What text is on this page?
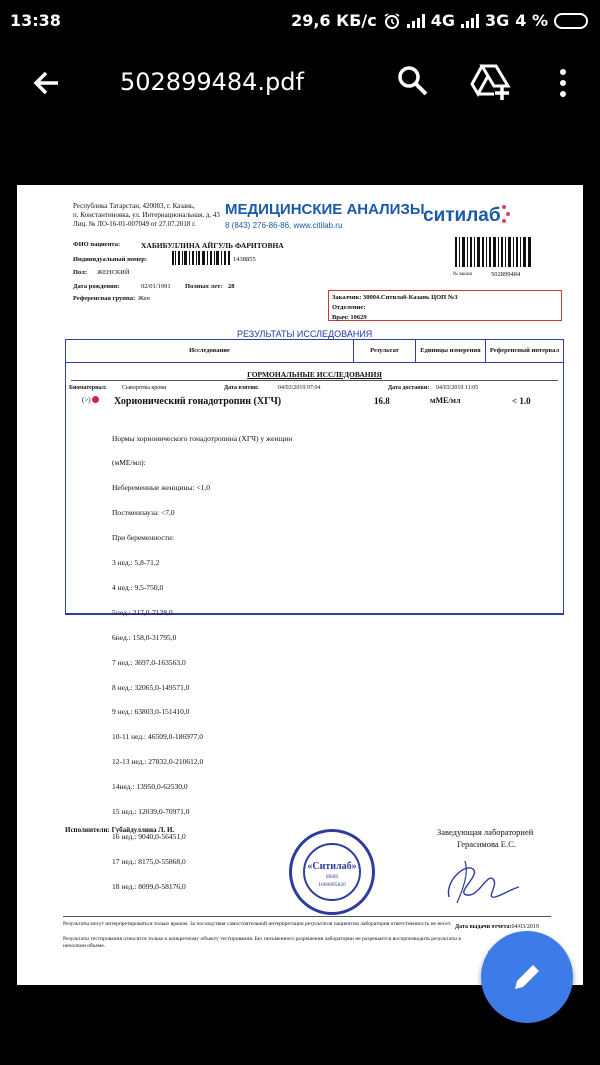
13:38	29,6 КБ/с	4G 3G 4 %
502899484.pdf
Республика Татарстан, 420083, г. Казань,
п. Константиновка, ул. Интернациональная, д. 43
Лиц. № ЛО-16-01-007049 от 27.07.2018 г.
МЕДИЦИНСКИЕ АНАЛИЗЫ
8 (843) 276-86-86, www.citilab.ru	ситилаб
ФИО пациента:	ХАБИБУЛЛИНА АЙГУЛЬ ФАРИТОВНА
Индивидуальный номер:	1438855
Пол: ЖЕНСКИЙ
Дата рождения:	02/01/1991 Полных лет: 28
Референсная группа: Жен
№ заказа	502899484
Заказчик: 30004.Ситилаб-Казань ЦОП №3
Отделение:
Врач: 10629
РЕЗУЛЬТАТЫ ИССЛЕДОВАНИЯ
Исследование	Результат	Единицы измерения	Референсный интервал
ГОРМОНАЛЬНЫЕ ИССЛЕДОВАНИЯ
Биоматериал: Сыворотка крови	Дата взятия:	04/03/2019 07:04	Дата доставки: 04/03/2019 11:05
(>)	Хорионический гонадотропин (ХГЧ)	16.8	мМЕ/мл	< 1.0

Нормы хорионического гонадотропина (ХГЧ) у женщин

(мМЕ/мл):

Небеременные женщины: <1,0

Постменпауза: <7,0

При беременности:

3 нед.: 5,8-71,2

4 нед.: 9,5-750,0

6нед.: 158,0-31795,0

7 нед.: 3697,0-163563,0

8 нед.: 32065,0-149571,0

9 нед.: 63803,0-151410,0

10-11 нед.: 46509,0-186977,0

12-13 нед.: 27832,0-210612,0

14нед.: 13950,0-62530,0

15 нед.: 12039,0-70971,0

16 нед.: 9040,0-56451,0

17 нед.: 8175,0-55868,0

18 нед.: 8099,0-58176,0

Исполнители: Губайдуллина Л. И.	Заведующая лабораторией
Герасимова Е.С.
«Ситилаб»
ИНН
1660085820
Дата выдачи отчета:04/03/2019
Результаты могут интерпретироваться только врачом. За последствия самостоятельной интерпретации результатов пациентом лаборатория ответственность не несет.
Результаты тестирования относятся только к конкретному объекту тестирования. Без письменного разрешения лаборатории не разрешается воспроизводить результаты в неполном объеме.
